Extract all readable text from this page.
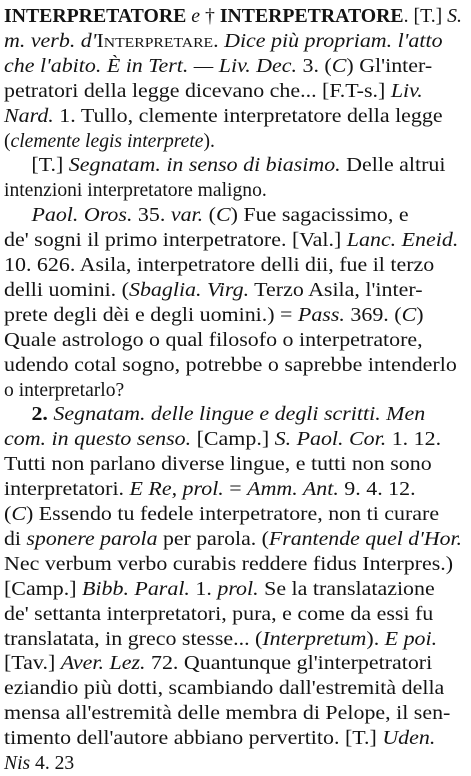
INTERPRETATORE e † INTERPETRATORE. [T.] S.
m. verb. d'Interpretare. Dice più propriam. l'atto
che l'abito. È in Tert. — Liv. Dec. 3. (C) Gl'inter-
petratori della legge dicevano che... [F.T-s.] Liv.
Nard. 1. Tullo, clemente interpretatore della legge
(clemente legis interprete).
[T.] Segnatam. in senso di biasimo. Delle altrui
intenzioni interpretatore maligno.
Paol. Oros. 35. var. (C) Fue sagacissimo, e
de' sogni il primo interpetratore. [Val.] Lanc. Eneid.
10. 626. Asila, interpetratore delli dii, fue il terzo
delli uomini. (Sbaglia. Virg. Terzo Asila, l'inter-
prete degli dèi e degli uomini.) = Pass. 369. (C)
Quale astrologo o qual filosofo o interpetratore,
udendo cotal sogno, potrebbe o saprebbe intenderlo
o interpretarlo?
2. Segnatam. delle lingue e degli scritti. Men
com. in questo senso. [Camp.] S. Paol. Cor. 1. 12.
Tutti non parlano diverse lingue, e tutti non sono
interpretatori. E Re, prol. = Amm. Ant. 9. 4. 12.
(C) Essendo tu fedele interpetratore, non ti curare
di sponere parola per parola. (Frantende quel d'Hor.
Nec verbum verbo curabis reddere fidus Interpres.)
[Camp.] Bibb. Paral. 1. prol. Se la translatazione
de' settanta interpretatori, pura, e come da essi fu
translatata, in greco stesse... (Interpretum). E poi.
[Tav.] Aver. Lez. 72. Quantunque gl'interpetratori
eziandio più dotti, scambiando dall'estremità della
mensa all'estremità delle membra di Pelope, il sen-
timento dell'autore abbiano pervertito. [T.] Uden.
Nis 4. 23
